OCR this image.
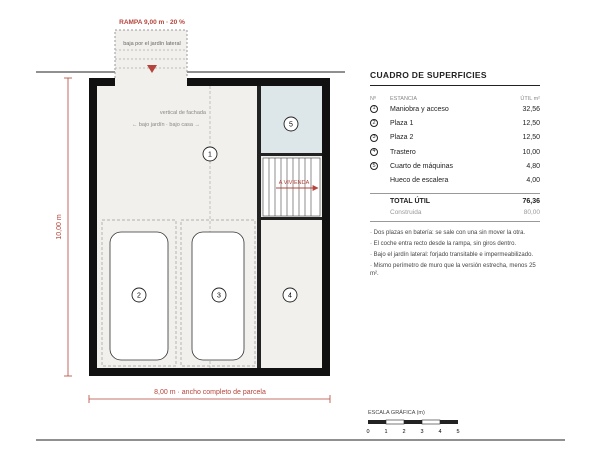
RAMPA 9,00 m · 20 %
baja por el jardín lateral
A VIVIENDA
vertical de fachada
← bajo jardín · bajo casa →
1
2	3	4
5
10,00 m
8,00 m · ancho completo de parcela
ESCALA GRÁFICA (m)
0	1	2	3	4	5
CUADRO DE SUPERFICIES
Nº	ESTANCIA	ÚTIL m²
1	Maniobra y acceso	32,56
2	Plaza 1	12,50
3	Plaza 2	12,50
4	Trastero	10,00
5	Cuarto de máquinas	4,80
Hueco de escalera	4,00
TOTAL ÚTIL	76,36
Construida	80,00
· Dos plazas en batería: se sale con una sin mover la otra.
· El coche entra recto desde la rampa, sin giros dentro.
· Bajo el jardín lateral: forjado transitable e impermeabilizado.
· Mismo perímetro de muro que la versión estrecha, menos 25 m².
